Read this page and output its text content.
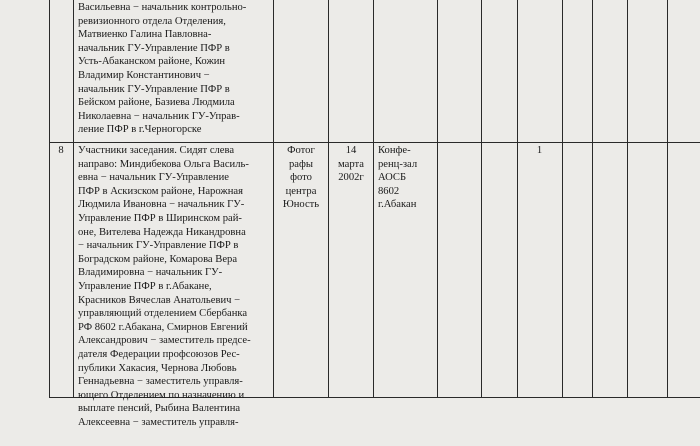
Васильевна − начальник контрольно-
ревизионного отдела Отделения,
Матвиенко Галина Павловна-
начальник ГУ-Управление ПФР в
Усть-Абаканском районе, Кожин
Владимир Константинович −
начальник ГУ-Управление ПФР в
Бейском районе, Базиева Людмила
Николаевна − начальник ГУ-Управ-
ление ПФР в г.Черногорске
8	Участники заседания. Сидят слева
направо: Миндибекова Ольга Василь-
евна − начальник ГУ-Управление
ПФР в Аскизском районе, Нарожная
Людмила Ивановна − начальник ГУ-
Управление ПФР в Ширинском рай-
оне, Вителева Надежда Никандровна
− начальник ГУ-Управление ПФР в
Боградском районе, Комарова Вера
Владимировна − начальник ГУ-
Управление ПФР в г.Абакане,
Красников Вячеслав Анатольевич −
управляющий отделением Сбербанка
РФ 8602 г.Абакана, Смирнов Евгений
Александрович − заместитель предсе-
дателя Федерации профсоюзов Рес-
публики Хакасия, Чернова Любовь
Геннадьевна − заместитель управля-
ющего Отделением по назначению и
выплате пенсий, Рыбина Валентина
Алексеевна − заместитель управля-
Фотог
рафы
фото
центра
Юность
14
марта
2002г
Конфе-
ренц-зал
АОСБ
8602
г.Абакан
1
